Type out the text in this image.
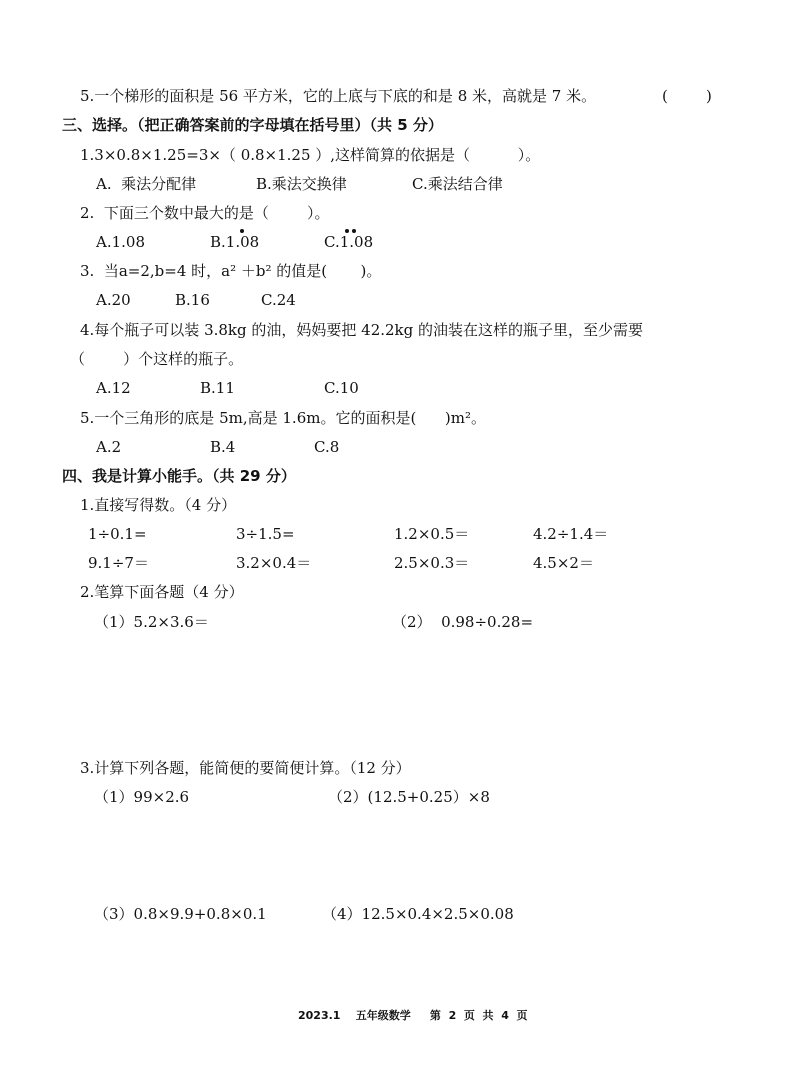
5.一个梯形的面积是 56 平方米，它的上底与下底的和是 8 米，高就是 7 米。	(        )
三、选择。（把正确答案前的字母填在括号里）（共 5 分）
1.3×0.8×1.25=3×（ 0.8×1.25 ）,这样简算的依据是（          ）。
A.  乘法分配律	B.乘法交换律	C.乘法结合律
2.  下面三个数中最大的是（        ）。
A.1.08	B.1.08	C.1.08
3.  当a=2,b=4 时，a² ＋b² 的值是(       )。
A.20	B.16	C.24
4.每个瓶子可以装 3.8kg 的油，妈妈要把 42.2kg 的油装在这样的瓶子里，至少需要
（        ）个这样的瓶子。
A.12	B.11	C.10
5.一个三角形的底是 5m,高是 1.6m。它的面积是(      )m²。
A.2	B.4	C.8
四、我是计算小能手。（共 29 分）
1.直接写得数。（4 分）
1÷0.1=	3÷1.5=	1.2×0.5＝	4.2÷1.4＝
9.1÷7＝	3.2×0.4＝	2.5×0.3＝	4.5×2＝
2.笔算下面各题（4 分）
（1）5.2×3.6＝	（2）  0.98÷0.28=
3.计算下列各题，能简便的要简便计算。（12 分）
（1）99×2.6	（2）(12.5+0.25）×8
（3）0.8×9.9+0.8×0.1	（4）12.5×0.4×2.5×0.08
2023.1    五年级数学     第  2  页  共  4  页
